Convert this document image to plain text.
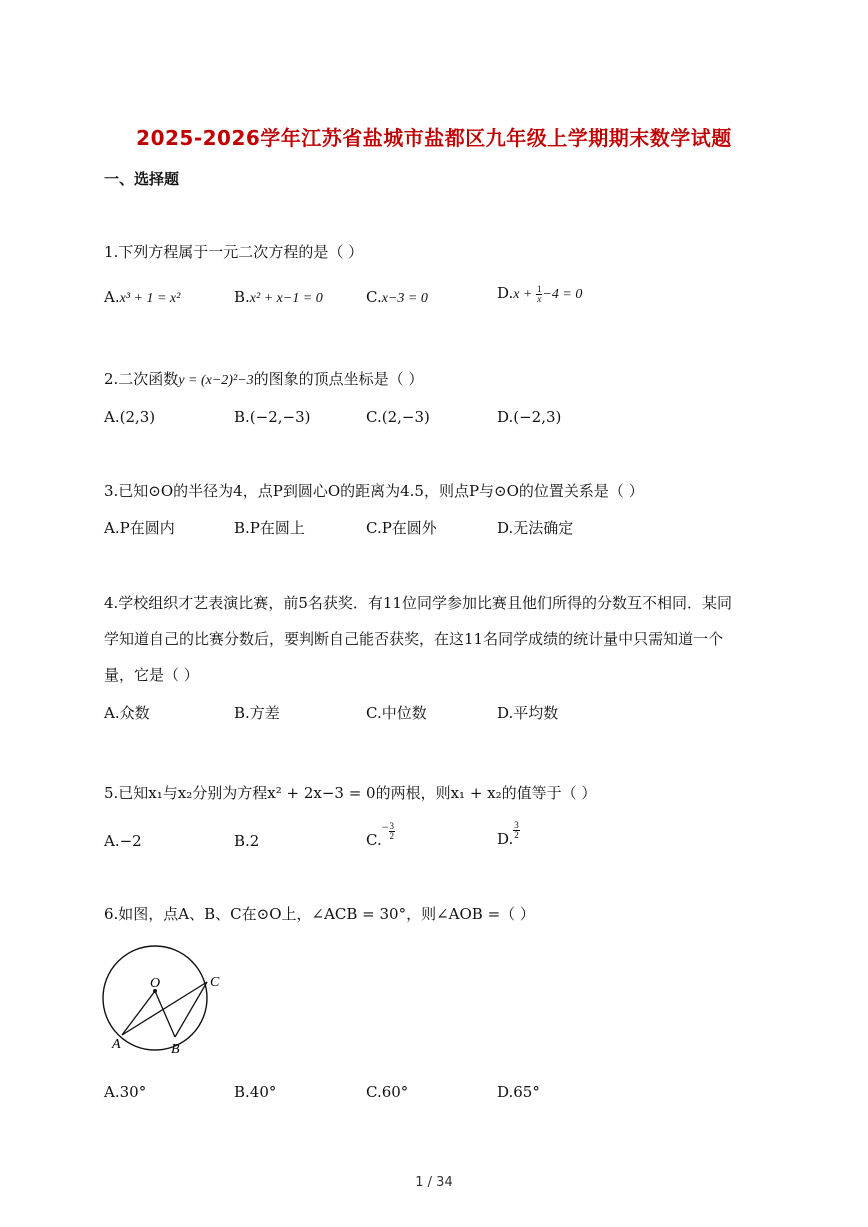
2025-2026学年江苏省盐城市盐都区九年级上学期期末数学试题
一、选择题
1.下列方程属于一元二次方程的是（ ）
A.x³ + 1 = x²	B.x² + x−1 = 0	C.x−3 = 0	$D.x + \frac{1}{x} -4 = 0$
2.二次函数y = (x−2)²−3的图象的顶点坐标是（ ）
A.(2,3)	B.(−2,−3)	C.(2,−3)	D.(−2,3)
3.已知⊙O的半径为4，点P到圆心O的距离为4.5，则点P与⊙O的位置关系是（ ）
A.P在圆内	B.P在圆上	C.P在圆外	D.无法确定
4.学校组织才艺表演比赛，前5名获奖．有11位同学参加比赛且他们所得的分数互不相同．某同
学知道自己的比赛分数后，要判断自己能否获奖，在这11名同学成绩的统计量中只需知道一个
量，它是（ ）
A.众数	B.方差	C.中位数	D.平均数
5.已知x₁与x₂分别为方程x² + 2x−3 = 0的两根，则x₁ + x₂的值等于（ ）
A.−2	B.2	$C.^- \frac{3}{2}$	D. $\frac{3}{2}$
6.如图，点A、B、C在⊙O上，∠ACB = 30°，则∠AOB =（ ）
O
A	B
C
A.30°	B.40°	C.60°	D.65°
1 / 34
